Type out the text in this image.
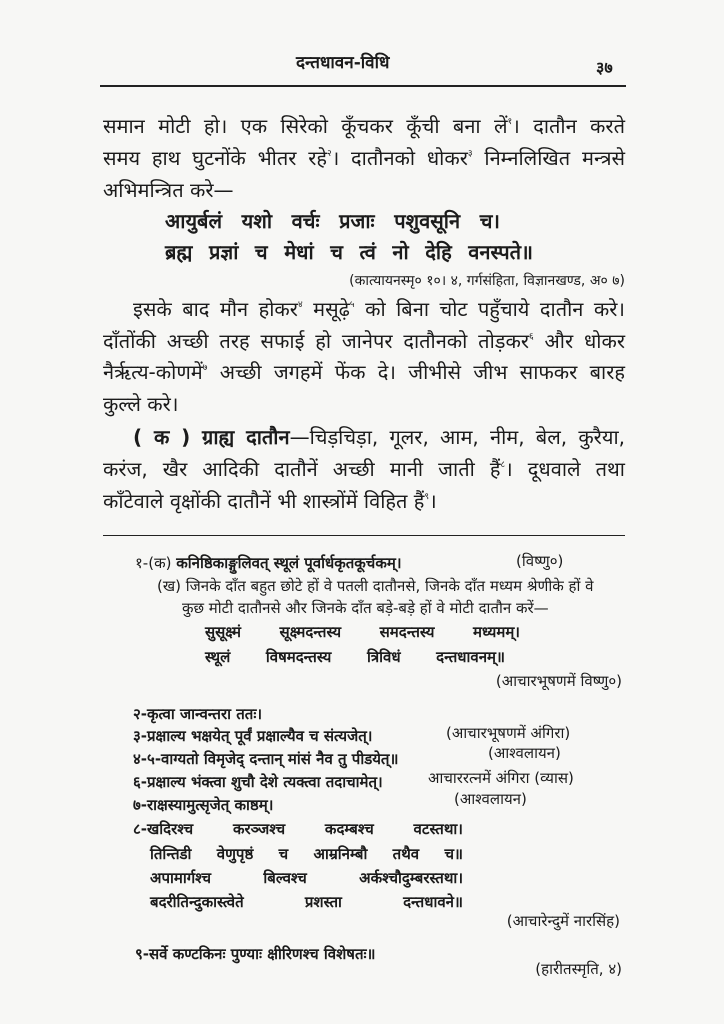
दन्तधावन-विधि	३७
समान मोटी हो। एक सिरेको कूँचकर कूँची बना लें$^१$। दातौन करते
समय हाथ घुटनोंके भीतर रहे$^२$। दातौनको धोकर$^३$ निम्नलिखित मन्त्रसे
अभिमन्त्रित करे—
आयुर्बलं यशो वर्चः प्रजाः पशुवसूनि च।
ब्रह्म प्रज्ञां च मेधां च त्वं नो देहि वनस्पते॥
(कात्यायनस्मृ० १०। ४, गर्गसंहिता, विज्ञानखण्ड, अ० ७)
इसके बाद मौन होकर$^४$ मसूढ़े$^५$ को बिना चोट पहुँचाये दातौन करे।
दाँतोंकी अच्छी तरह सफाई हो जानेपर दातौनको तोड़कर$^६$ और धोकर
नैर्ऋत्य-कोणमें$^७$ अच्छी जगहमें फेंक दे। जीभीसे जीभ साफकर बारह
कुल्ले करे।
( क ) ग्राह्य दातौन—चिड़चिड़ा, गूलर, आम, नीम, बेल, कुरैया,
करंज, खैर आदिकी दातौनें अच्छी मानी जाती हैं$^८$। दूधवाले तथा
काँटेवाले वृक्षोंकी दातौनें भी शास्त्रोंमें विहित हैं$^९$।
१-(क) कनिष्ठिकाङ्गुलिवत् स्थूलं पूर्वार्धकृतकूर्चकम्।	(विष्णु०)
(ख) जिनके दाँत बहुत छोटे हों वे पतली दातौनसे, जिनके दाँत मध्यम श्रेणीके हों वे
कुछ मोटी दातौनसे और जिनके दाँत बड़े-बड़े हों वे मोटी दातौन करें—
सुसूक्ष्मं सूक्ष्मदन्तस्य समदन्तस्य मध्यमम्।
स्थूलं विषमदन्तस्य त्रिविधं दन्तधावनम्॥
(आचारभूषणमें विष्णु०)
२-कृत्वा जान्वन्तरा ततः।
३-प्रक्षाल्य भक्षयेत् पूर्वं प्रक्षाल्यैव च संत्यजेत्।	(आचारभूषणमें अंगिरा)
४-५-वाग्यतो विमृजेद् दन्तान् मांसं नैव तु पीडयेत्॥	(आश्वलायन)
६-प्रक्षाल्य भंक्त्वा शुचौ देशे त्यक्त्वा तदाचामेत्।	आचाररत्नमें अंगिरा (व्यास)
७-राक्षस्यामुत्सृजेत् काष्ठम्।	(आश्वलायन)
८-खदिरश्च करञ्जश्च कदम्बश्च वटस्तथा।
तिन्तिडी वेणुपृष्ठं च आम्रनिम्बौ तथैव च॥
अपामार्गश्च बिल्वश्च अर्कश्चौदुम्बरस्तथा।
बदरीतिन्दुकास्त्वेते प्रशस्ता दन्तधावने॥
(आचारेन्दुमें नारसिंह)
९-सर्वे कण्टकिनः पुण्याः क्षीरिणश्च विशेषतः॥
(हारीतस्मृति, ४)
